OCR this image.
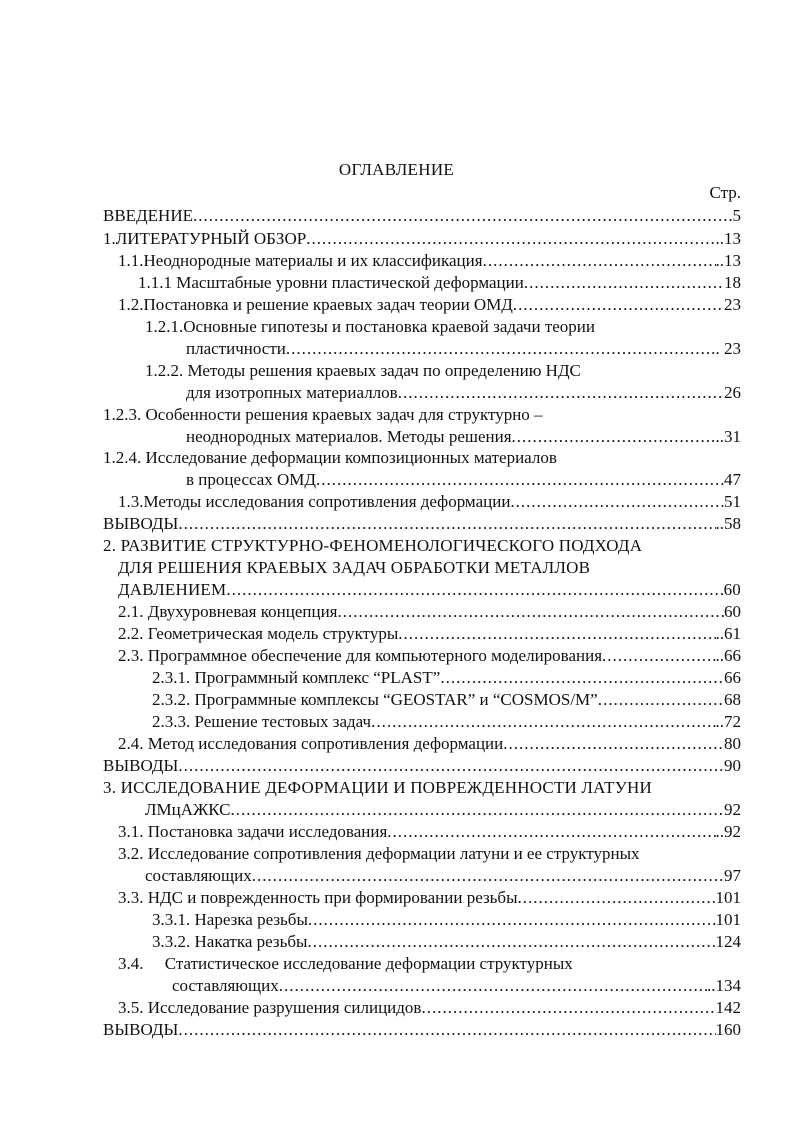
ОГЛАВЛЕНИЕ
Стр.
ВВЕДЕНИЕ .....	5
1.ЛИТЕРАТУРНЫЙ ОБЗОР .....	..13
1.1.Неоднородные материалы и их классификация .....	..13
1.1.1 Масштабные уровни пластической деформации .....	18
1.2.Постановка и решение краевых задач теории ОМД .....	23
1.2.1.Основные гипотезы и постановка краевой задачи теории
пластичности .....	. 23
1.2.2. Методы решения краевых задач по определению НДС
для изотропных материаллов .....	26
1.2.3. Особенности решения краевых задач для структурно –
неоднородных материалов. Методы решения .....	..31
1.2.4. Исследование деформации композиционных материалов
в процессах ОМД .....	47
1.3.Методы исследования сопротивления деформации .....	51
ВЫВОДЫ .....	..58
2. РАЗВИТИЕ СТРУКТУРНО-ФЕНОМЕНОЛОГИЧЕСКОГО ПОДХОДА
ДЛЯ РЕШЕНИЯ КРАЕВЫХ ЗАДАЧ ОБРАБОТКИ МЕТАЛЛОВ
ДАВЛЕНИЕМ .....	60
2.1. Двухуровневая концепция .....	60
2.2. Геометрическая модель структуры .....	..61
2.3. Программное обеспечение для компьютерного моделирования .....	..66
2.3.1. Программный комплекс “PLAST” .....	66
2.3.2. Программные комплексы “GEOSTAR” и “COSMOS/M” .....	68
2.3.3. Решение тестовых задач .....	..72
2.4. Метод исследования сопротивления деформации .....	80
ВЫВОДЫ .....	90
3. ИССЛЕДОВАНИЕ ДЕФОРМАЦИИ И ПОВРЕЖДЕННОСТИ ЛАТУНИ
ЛМцАЖКС .....	92
3.1. Постановка задачи исследования .....	..92
3.2. Исследование сопротивления деформации латуни и ее структурных
составляющих .....	97
3.3. НДС и поврежденность при формировании резьбы .....	101
3.3.1. Нарезка резьбы .....	101
3.3.2. Накатка резьбы .....	124
3.4.     Статистическое исследование деформации структурных
составляющих .....	..134
3.5. Исследование разрушения силицидов .....	142
ВЫВОДЫ .....	160
